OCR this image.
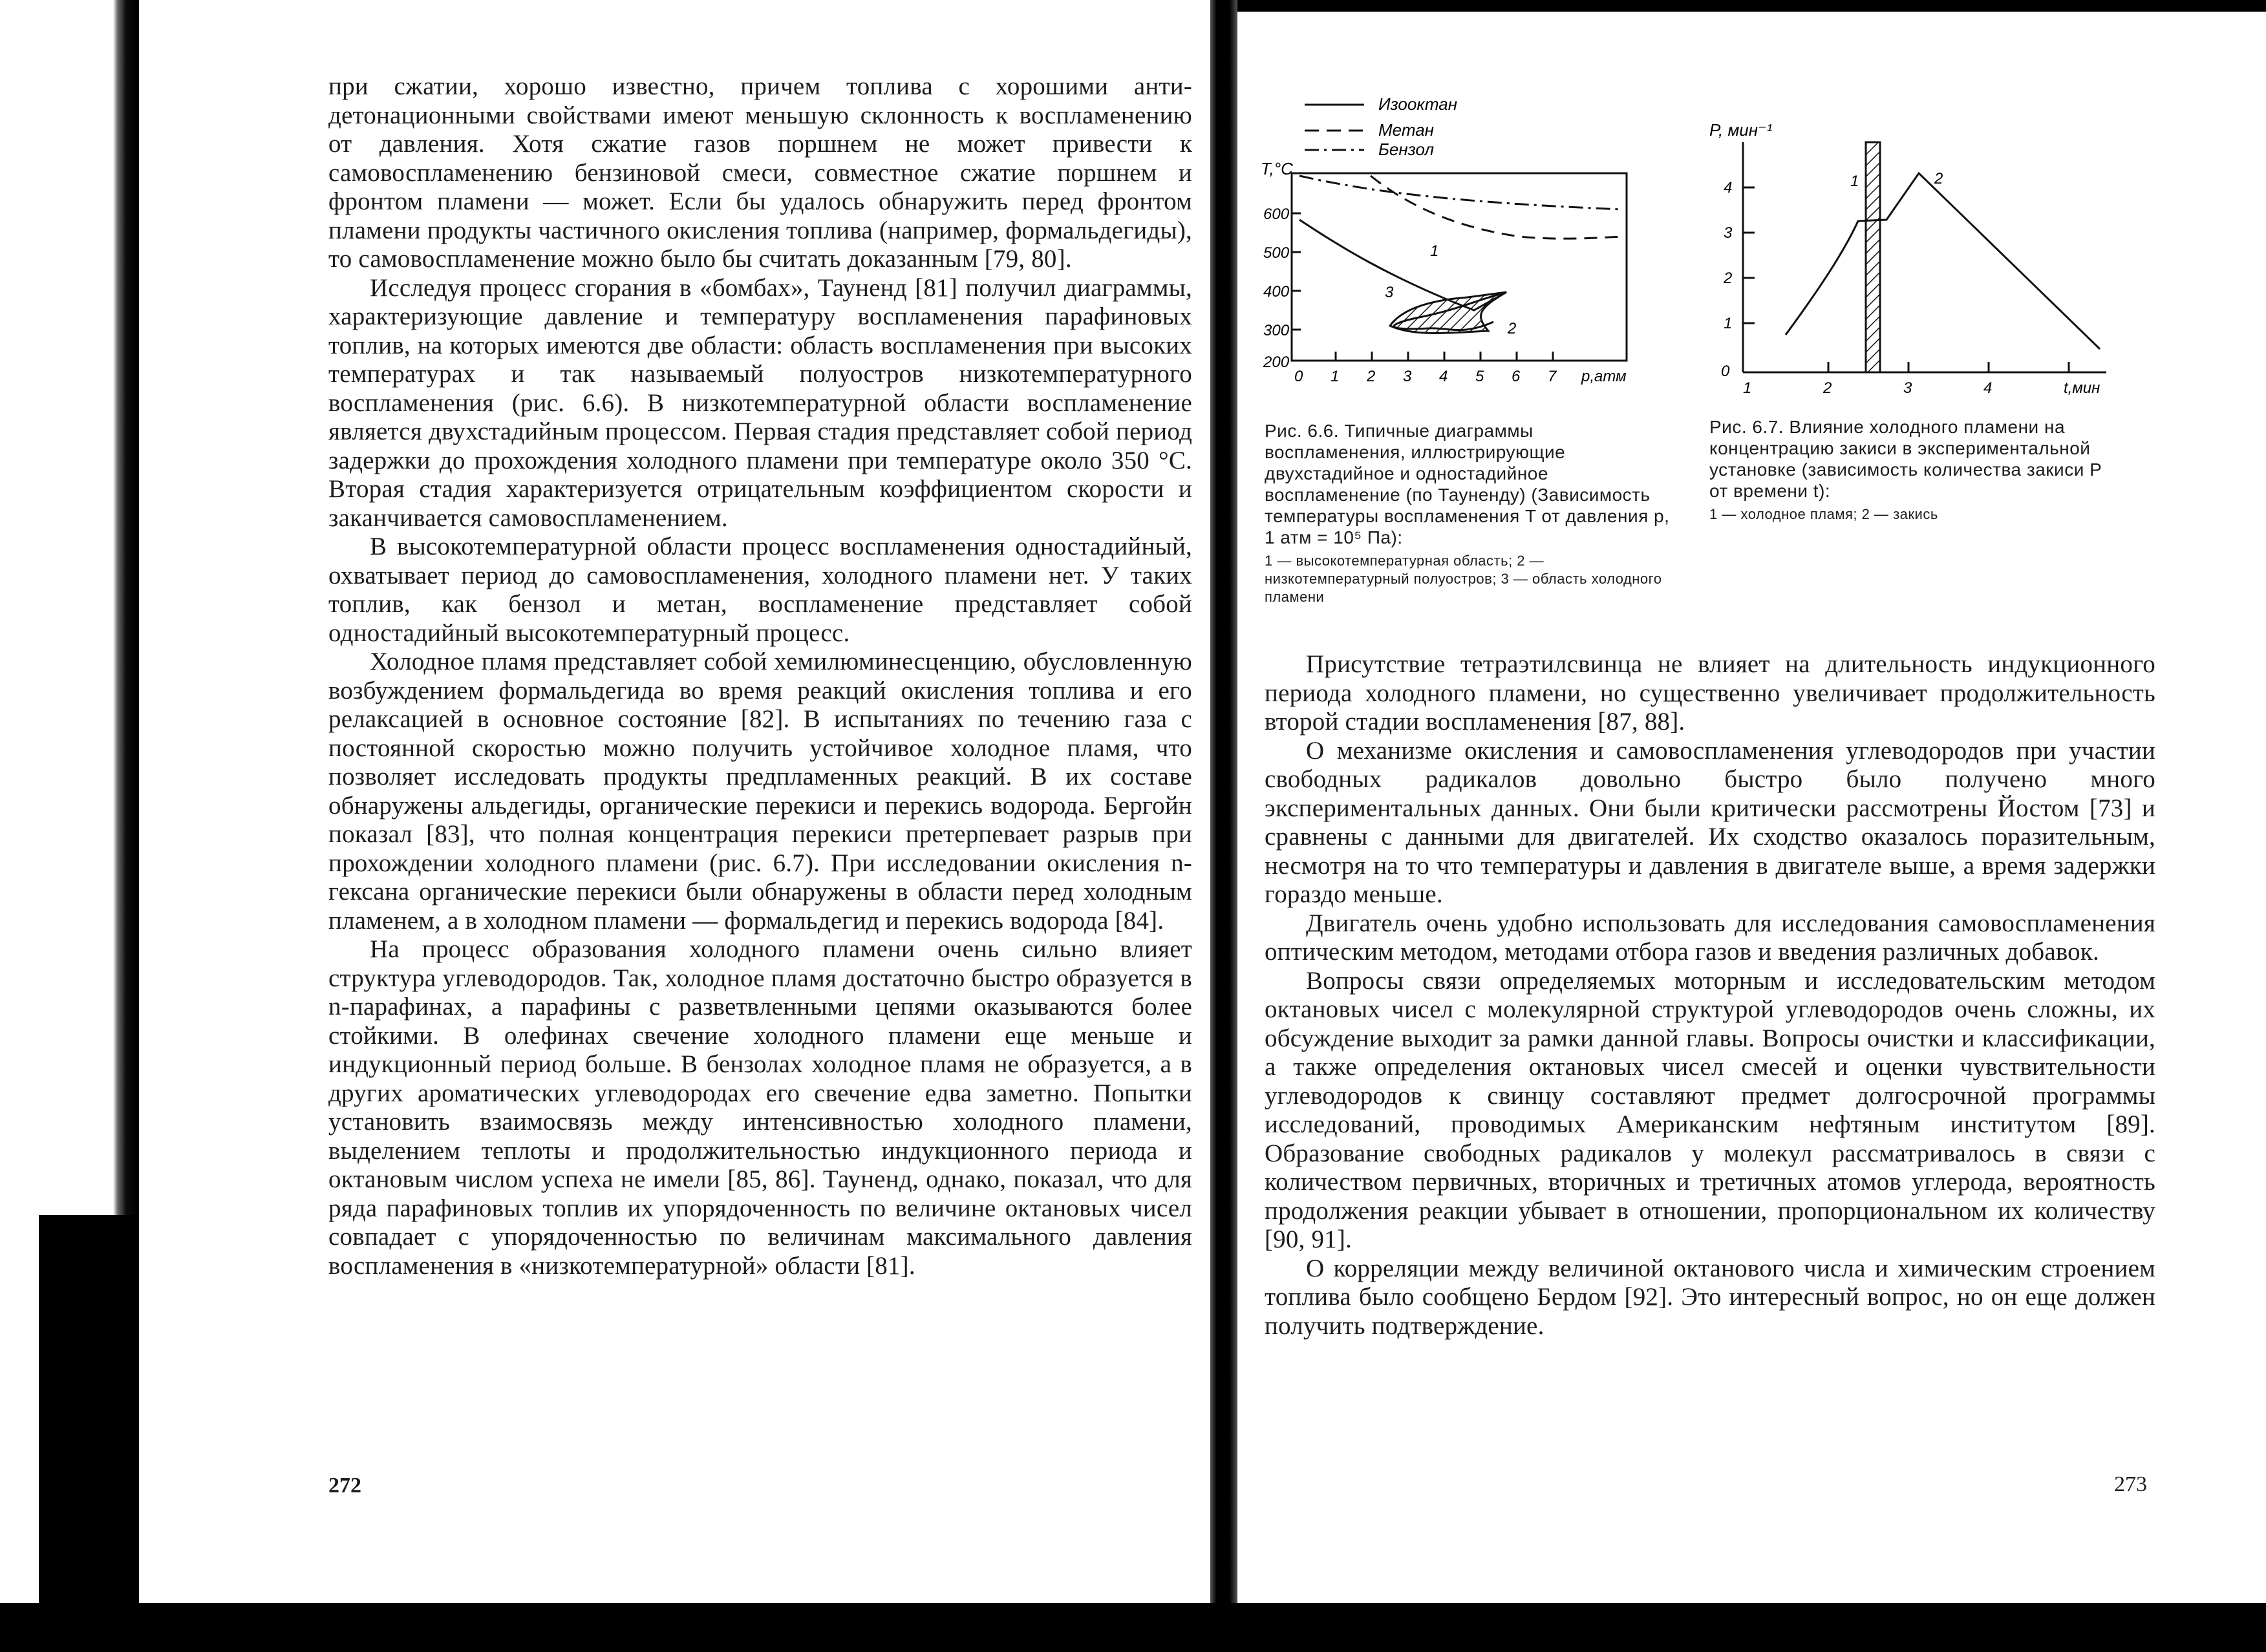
при сжатии, хорошо известно, причем топлива с хорошими анти-детонационными свойствами имеют меньшую склонность к воспламенению от давления. Хотя сжатие газов поршнем не может привести к самовоспламенению бензиновой смеси, совместное сжатие поршнем и фронтом пламени — может. Если бы удалось обнаружить перед фронтом пламени продукты частичного окисления топлива (например, формальдегиды), то самовоспламенение можно было бы считать доказанным [79, 80].

Исследуя процесс сгорания в «бомбах», Тауненд [81] получил диаграммы, характеризующие давление и температуру воспламенения парафиновых топлив, на которых имеются две области: область воспламенения при высоких температурах и так называемый полуостров низкотемпературного воспламенения (рис. 6.6). В низкотемпературной области воспламенение является двухстадийным процессом. Первая стадия представляет собой период задержки до прохождения холодного пламени при температуре около 350 °С. Вторая стадия характеризуется отрицательным коэффициентом скорости и заканчивается самовоспламенением.

В высокотемпературной области процесс воспламенения одностадийный, охватывает период до самовоспламенения, холодного пламени нет. У таких топлив, как бензол и метан, воспламенение представляет собой одностадийный высокотемпературный процесс.

Холодное пламя представляет собой хемилюминесценцию, обусловленную возбуждением формальдегида во время реакций окисления топлива и его релаксацией в основное состояние [82]. В испытаниях по течению газа с постоянной скоростью можно получить устойчивое холодное пламя, что позволяет исследовать продукты предпламенных реакций. В их составе обнаружены альдегиды, органические перекиси и перекись водорода. Бергойн показал [83], что полная концентрация перекиси претерпевает разрыв при прохождении холодного пламени (рис. 6.7). При исследовании окисления n-гексана органические перекиси были обнаружены в области перед холодным пламенем, а в холодном пламени — формальдегид и перекись водорода [84].

На процесс образования холодного пламени очень сильно влияет структура углеводородов. Так, холодное пламя достаточно быстро образуется в n-парафинах, а парафины с разветвленными цепями оказываются более стойкими. В олефинах свечение холодного пламени еще меньше и индукционный период больше. В бензолах холодное пламя не образуется, а в других ароматических углеводородах его свечение едва заметно. Попытки установить взаимосвязь между интенсивностью холодного пламени, выделением теплоты и продолжительностью индукционного периода и октановым числом успеха не имели [85, 86]. Тауненд, однако, показал, что для ряда парафиновых топлив их упорядоченность по величине октановых чисел совпадает с упорядоченностью по величинам максимального давления воспламенения в «низкотемпературной» области [81].

272
Изооктан
Метан
Бензол
T,°C
600
500
400
300
200
0 1 2 3 4 5 6 7 p,атм
1
2
3
Рис. 6.6. Типичные диаграммы воспламенения, иллюстрирующие двухстадийное и одностадийное воспламенение (по Тауненду) (Зависимость температуры воспламенения T от давления p, 1 атм = 10⁵ Па):
1 — высокотемпературная область; 2 — низкотемпературный полуостров; 3 — область холодного пламени
P, мин⁻¹
4
3
2
1
0
1	2	3	4	t,мин
1	2
Рис. 6.7. Влияние холодного пламени на концентрацию закиси в экспериментальной установке (зависимость количества закиси P от времени t):
1 — холодное пламя; 2 — закись

Присутствие тетраэтилсвинца не влияет на длительность индукционного периода холодного пламени, но существенно увеличивает продолжительность второй стадии воспламенения [87, 88].

О механизме окисления и самовоспламенения углеводородов при участии свободных радикалов довольно быстро было получено много экспериментальных данных. Они были критически рассмотрены Йостом [73] и сравнены с данными для двигателей. Их сходство оказалось поразительным, несмотря на то что температуры и давления в двигателе выше, а время задержки гораздо меньше.

Двигатель очень удобно использовать для исследования самовоспламенения оптическим методом, методами отбора газов и введения различных добавок.

Вопросы связи определяемых моторным и исследовательским методом октановых чисел с молекулярной структурой углеводородов очень сложны, их обсуждение выходит за рамки данной главы. Вопросы очистки и классификации, а также определения октановых чисел смесей и оценки чувствительности углеводородов к свинцу составляют предмет долгосрочной программы исследований, проводимых Американским нефтяным институтом [89]. Образование свободных радикалов у молекул рассматривалось в связи с количеством первичных, вторичных и третичных атомов углерода, вероятность продолжения реакции убывает в отношении, пропорциональном их количеству [90, 91].

О корреляции между величиной октанового числа и химическим строением топлива было сообщено Бердом [92]. Это интересный вопрос, но он еще должен получить подтверждение.

273
